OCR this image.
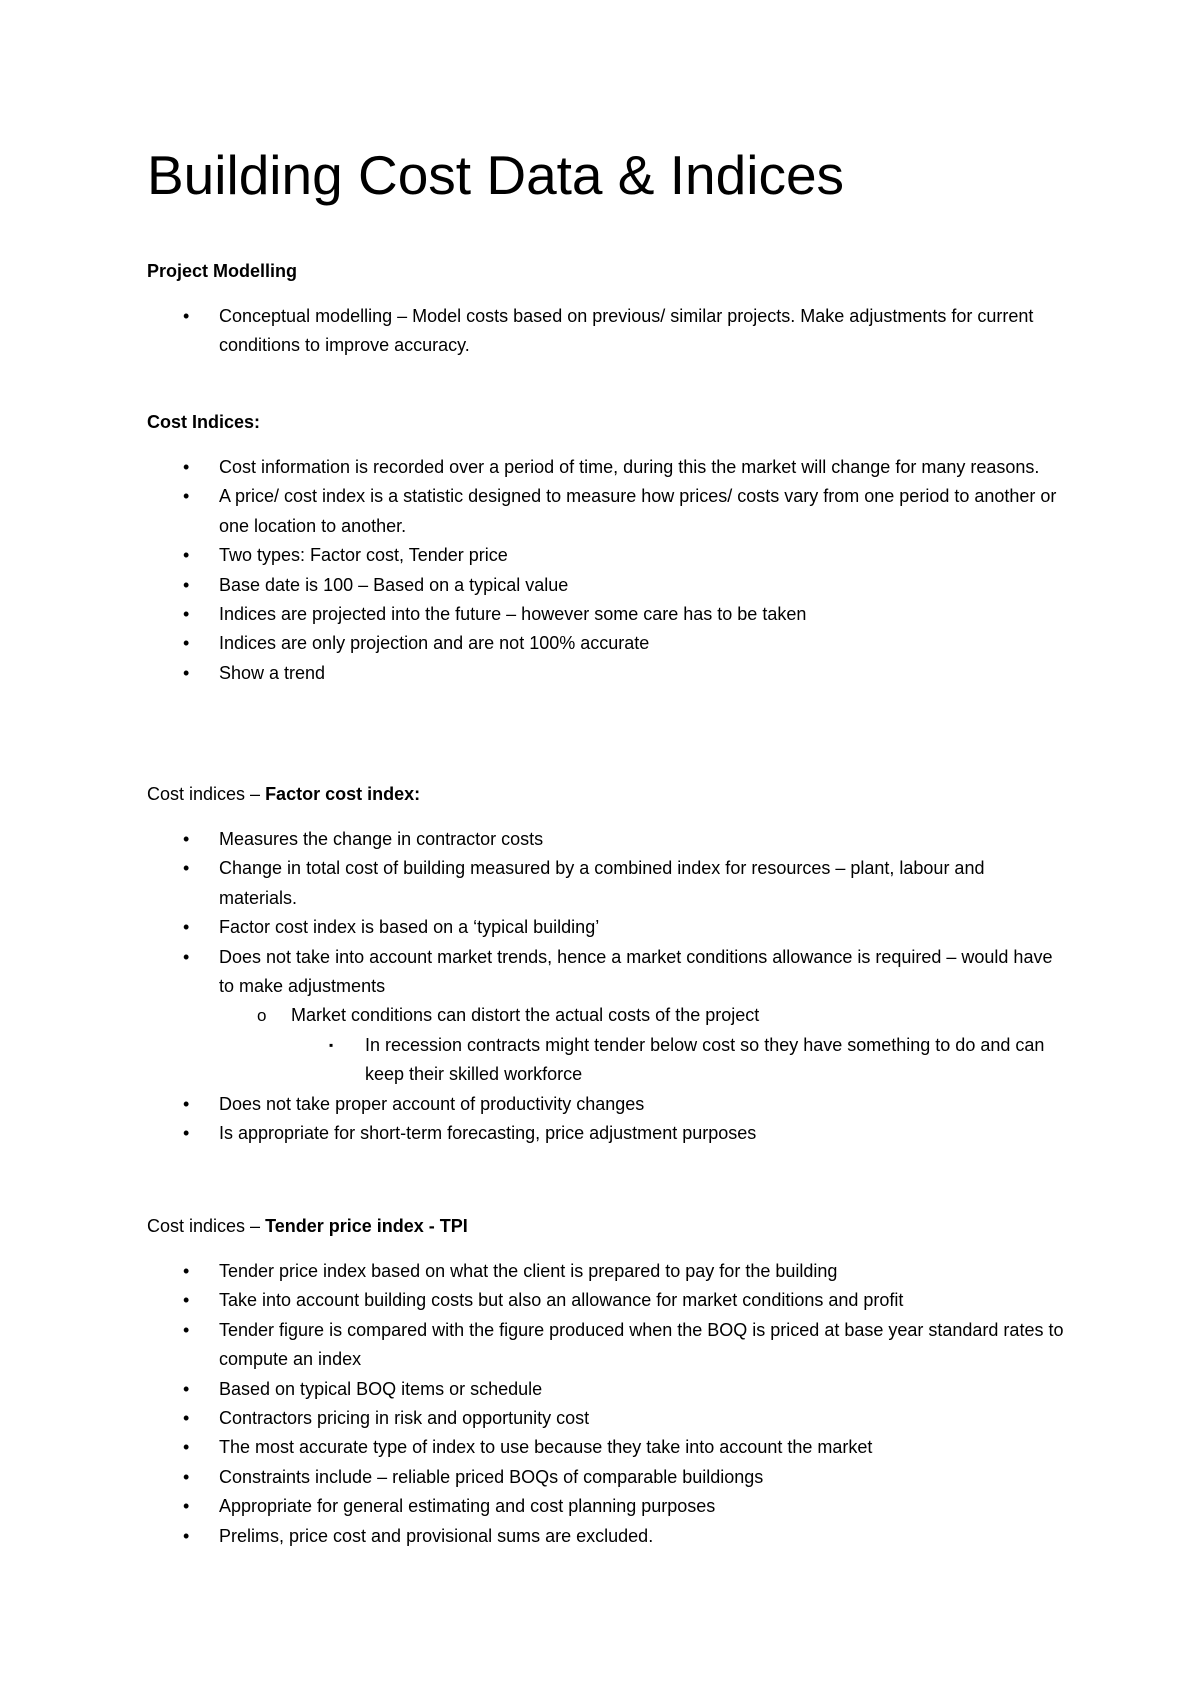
Building Cost Data & Indices
Project Modelling
• Conceptual modelling – Model costs based on previous/ similar projects. Make adjustments for current conditions to improve accuracy.
Cost Indices:
• Cost information is recorded over a period of time, during this the market will change for many reasons.
• A price/ cost index is a statistic designed to measure how prices/ costs vary from one period to another or one location to another.
• Two types: Factor cost, Tender price
• Base date is 100 – Based on a typical value
• Indices are projected into the future – however some care has to be taken
• Indices are only projection and are not 100% accurate
• Show a trend
Cost indices – Factor cost index:
• Measures the change in contractor costs
• Change in total cost of building measured by a combined index for resources – plant, labour and materials.
• Factor cost index is based on a ‘typical building’
• Does not take into account market trends, hence a market conditions allowance is required – would have to make adjustments
o Market conditions can distort the actual costs of the project
▪ In recession contracts might tender below cost so they have something to do and can keep their skilled workforce
• Does not take proper account of productivity changes
• Is appropriate for short-term forecasting, price adjustment purposes
Cost indices – Tender price index - TPI
• Tender price index based on what the client is prepared to pay for the building
• Take into account building costs but also an allowance for market conditions and profit
• Tender figure is compared with the figure produced when the BOQ is priced at base year standard rates to compute an index
• Based on typical BOQ items or schedule
• Contractors pricing in risk and opportunity cost
• The most accurate type of index to use because they take into account the market
• Constraints include – reliable priced BOQs of comparable buildiongs
• Appropriate for general estimating and cost planning purposes
• Prelims, price cost and provisional sums are excluded.
